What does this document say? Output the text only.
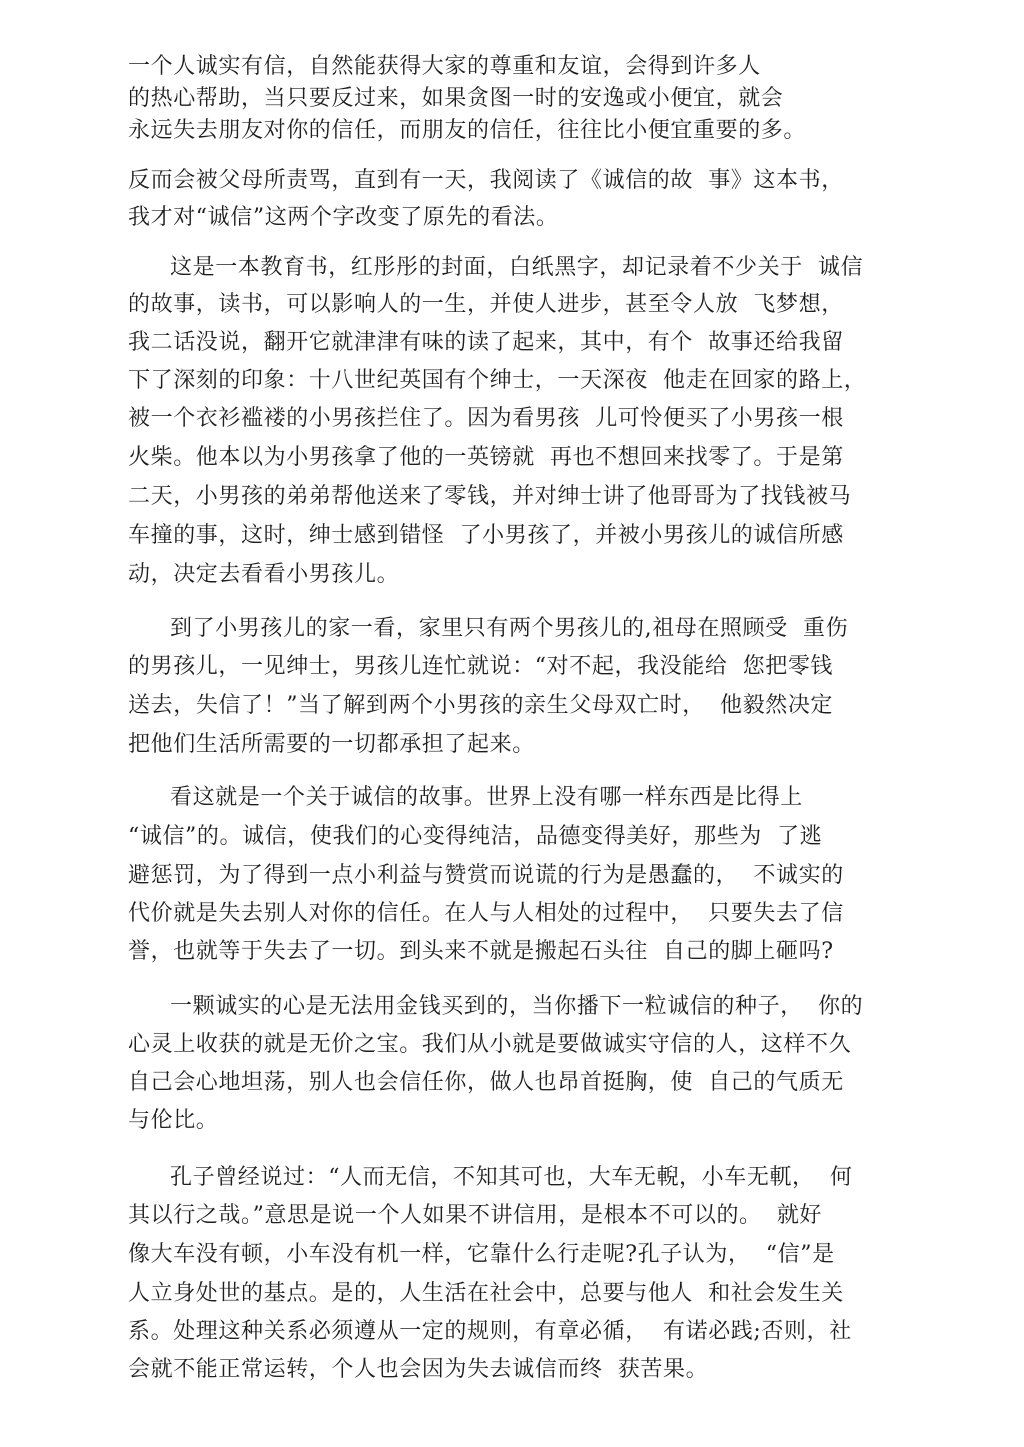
一个人诚实有信，自然能获得大家的尊重和友谊，会得到许多人

的热心帮助，当只要反过来，如果贪图一时的安逸或小便宜，就会

永远失去朋友对你的信任，而朋友的信任，往往比小便宜重要的多。

反而会被父母所责骂，直到有一天，我阅读了《诚信的故  事》这本书，

我才对“诚信”这两个字改变了原先的看法。

这是一本教育书，红彤彤的封面，白纸黑字，却记录着不少关于  诚信

的故事，读书，可以影响人的一生，并使人进步，甚至令人放  飞梦想，

我二话没说，翻开它就津津有味的读了起来，其中，有个  故事还给我留

下了深刻的印象：十八世纪英国有个绅士，一天深夜  他走在回家的路上，

被一个衣衫褴褛的小男孩拦住了。因为看男孩  儿可怜便买了小男孩一根

火柴。他本以为小男孩拿了他的一英镑就  再也不想回来找零了。于是第

二天，小男孩的弟弟帮他送来了零钱，并对绅士讲了他哥哥为了找钱被马

车撞的事，这时，绅士感到错怪  了小男孩了，并被小男孩儿的诚信所感

动，决定去看看小男孩儿。

到了小男孩儿的家一看，家里只有两个男孩儿的,祖母在照顾受  重伤

的男孩儿，一见绅士，男孩儿连忙就说：“对不起，我没能给  您把零钱

送去，失信了！”当了解到两个小男孩的亲生父母双亡时，  他毅然决定

把他们生活所需要的一切都承担了起来。

看这就是一个关于诚信的故事。世界上没有哪一样东西是比得上

“诚信”的。诚信，使我们的心变得纯洁，品德变得美好，那些为  了逃

避惩罚，为了得到一点小利益与赞赏而说谎的行为是愚蠢的，  不诚实的

代价就是失去别人对你的信任。在人与人相处的过程中，  只要失去了信

誉，也就等于失去了一切。到头来不就是搬起石头往  自己的脚上砸吗?

一颗诚实的心是无法用金钱买到的，当你播下一粒诚信的种子，  你的

心灵上收获的就是无价之宝。我们从小就是要做诚实守信的人，这样不久

自己会心地坦荡，别人也会信任你，做人也昂首挺胸，使  自己的气质无

与伦比。

孔子曾经说过：“人而无信，不知其可也，大车无輗，小车无軏，  何

其以行之哉。”意思是说一个人如果不讲信用，是根本不可以的。  就好

像大车没有顿，小车没有机一样，它靠什么行走呢?孔子认为，  “信”是

人立身处世的基点。是的，人生活在社会中，总要与他人  和社会发生关

系。处理这种关系必须遵从一定的规则，有章必循，  有诺必践;否则，社

会就不能正常运转，个人也会因为失去诚信而终  获苦果。
